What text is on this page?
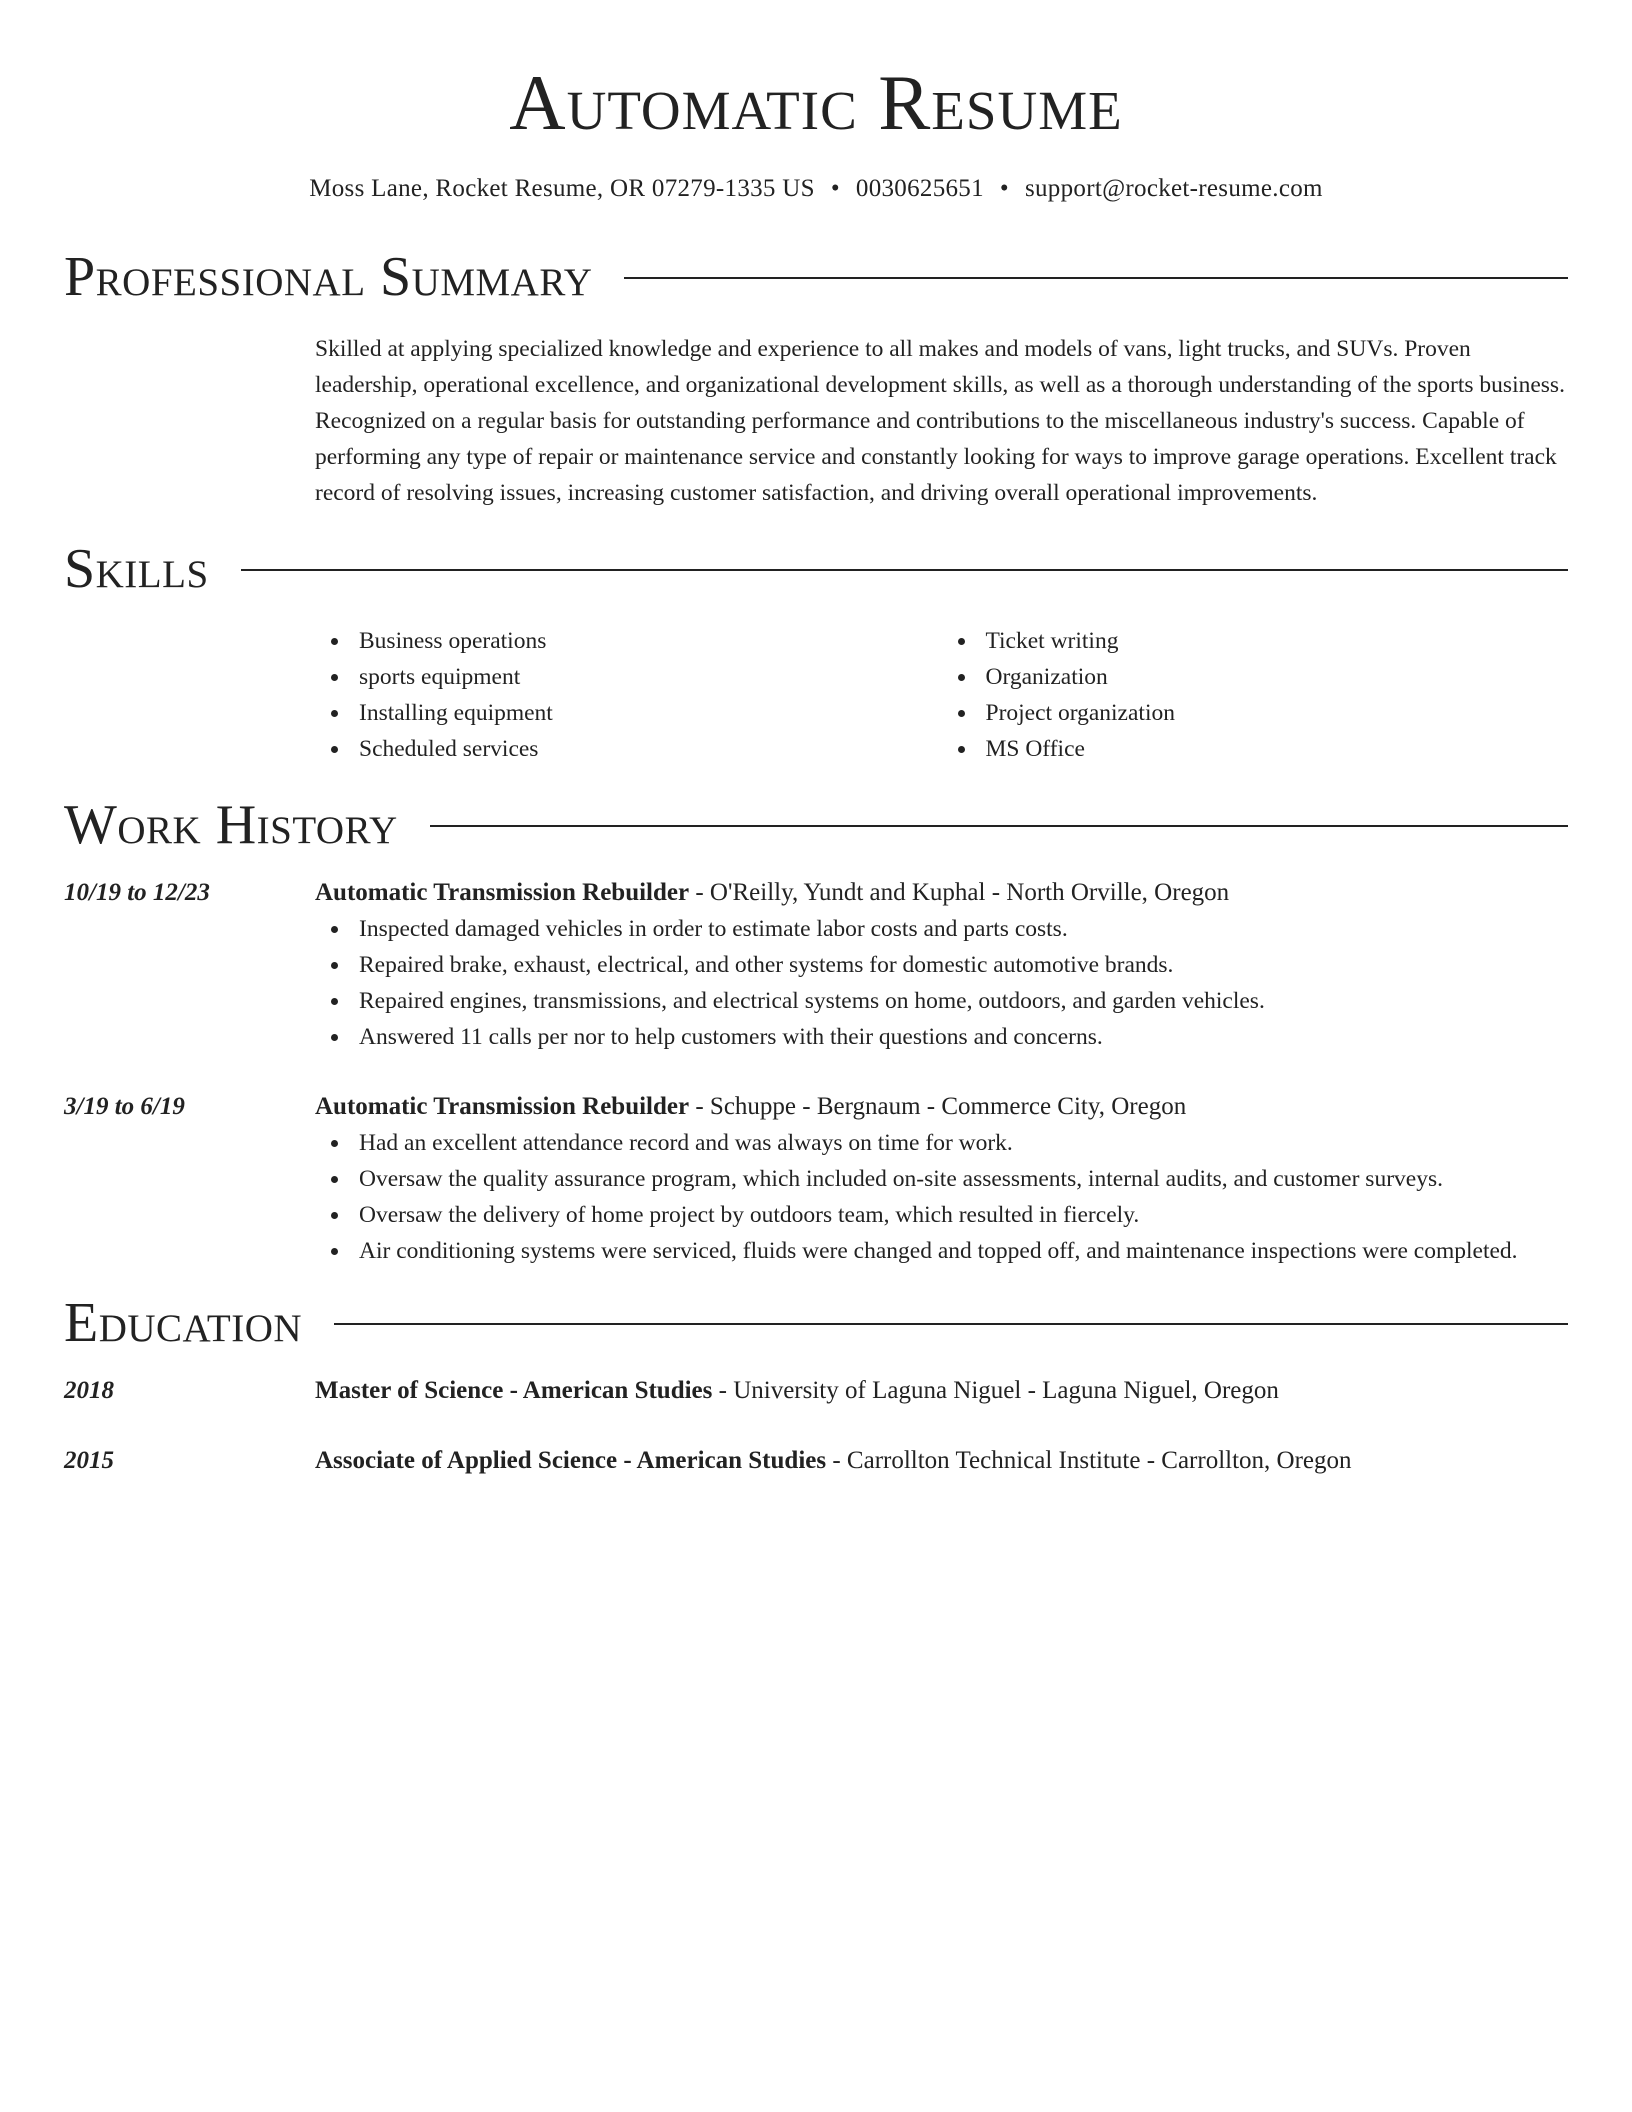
Automatic Resume
Moss Lane, Rocket Resume, OR 07279-1335 US • 0030625651 • support@rocket-resume.com
Professional Summary
Skilled at applying specialized knowledge and experience to all makes and models of vans, light trucks, and SUVs. Proven leadership, operational excellence, and organizational development skills, as well as a thorough understanding of the sports business. Recognized on a regular basis for outstanding performance and contributions to the miscellaneous industry's success. Capable of performing any type of repair or maintenance service and constantly looking for ways to improve garage operations. Excellent track record of resolving issues, increasing customer satisfaction, and driving overall operational improvements.
Skills
Business operations
sports equipment
Installing equipment
Scheduled services
Ticket writing
Organization
Project organization
MS Office
Work History
10/19 to 12/23	Automatic Transmission Rebuilder - O'Reilly, Yundt and Kuphal - North Orville, Oregon
Inspected damaged vehicles in order to estimate labor costs and parts costs.
Repaired brake, exhaust, electrical, and other systems for domestic automotive brands.
Repaired engines, transmissions, and electrical systems on home, outdoors, and garden vehicles.
Answered 11 calls per nor to help customers with their questions and concerns.
3/19 to 6/19	Automatic Transmission Rebuilder - Schuppe - Bergnaum - Commerce City, Oregon
Had an excellent attendance record and was always on time for work.
Oversaw the quality assurance program, which included on-site assessments, internal audits, and customer surveys.
Oversaw the delivery of home project by outdoors team, which resulted in fiercely.
Air conditioning systems were serviced, fluids were changed and topped off, and maintenance inspections were completed.
Education
2018	Master of Science - American Studies - University of Laguna Niguel - Laguna Niguel, Oregon
2015	Associate of Applied Science - American Studies - Carrollton Technical Institute - Carrollton, Oregon
